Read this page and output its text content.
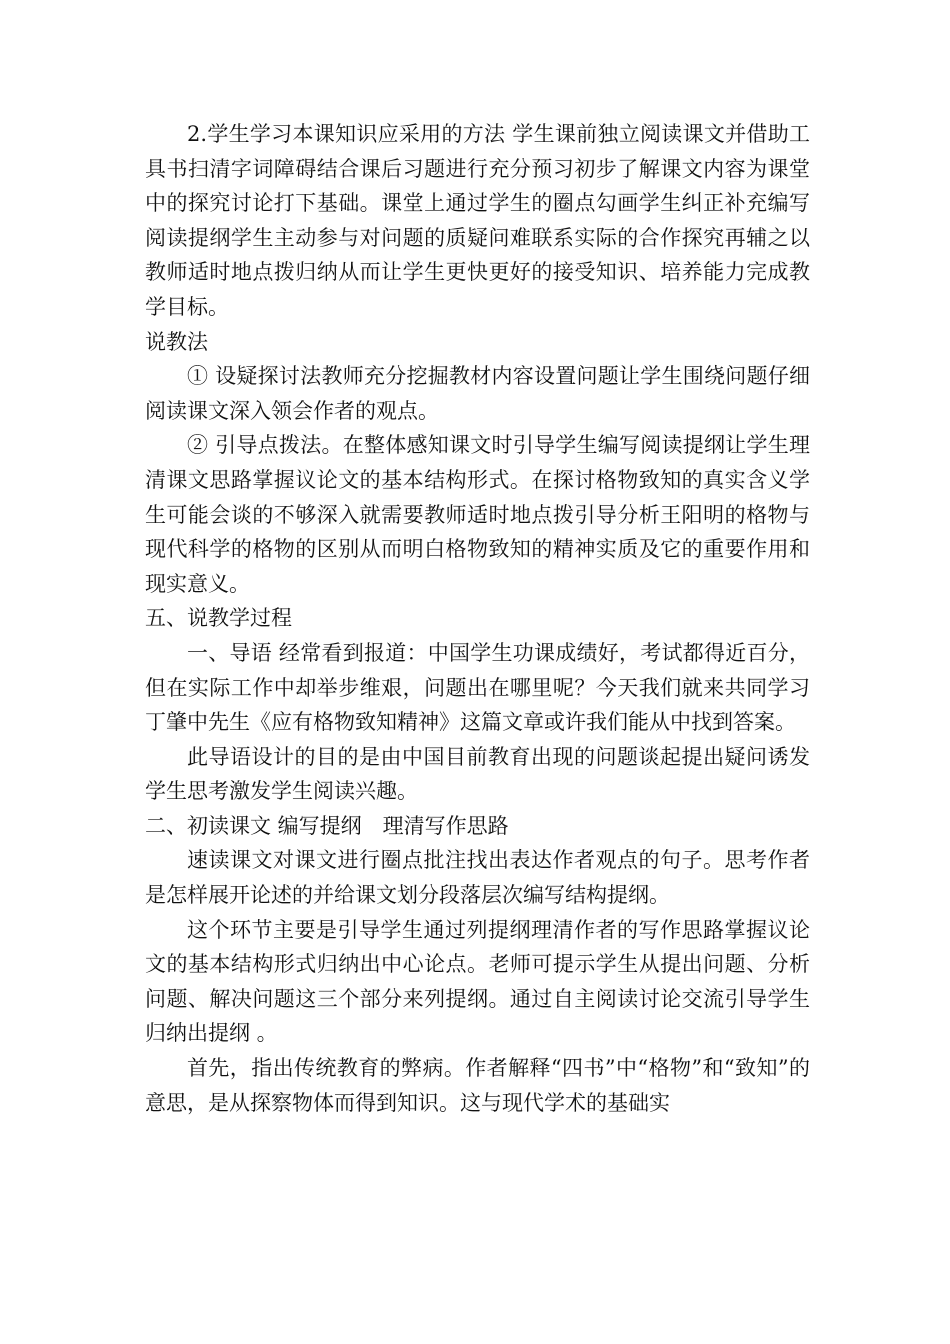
2.学生学习本课知识应采用的方法 学生课前独立阅读课文并借助工具书扫清字词障碍结合课后习题进行充分预习初步了解课文内容为课堂中的探究讨论打下基础。课堂上通过学生的圈点勾画学生纠正补充编写阅读提纲学生主动参与对问题的质疑问难联系实际的合作探究再辅之以教师适时地点拨归纳从而让学生更快更好的接受知识、培养能力完成教学目标。

说教法

① 设疑探讨法教师充分挖掘教材内容设置问题让学生围绕问题仔细阅读课文深入领会作者的观点。

② 引导点拨法。在整体感知课文时引导学生编写阅读提纲让学生理清课文思路掌握议论文的基本结构形式。在探讨格物致知的真实含义学生可能会谈的不够深入就需要教师适时地点拨引导分析王阳明的格物与现代科学的格物的区别从而明白格物致知的精神实质及它的重要作用和现实意义。

五、说教学过程

一、导语 经常看到报道：中国学生功课成绩好，考试都得近百分，但在实际工作中却举步维艰，问题出在哪里呢？今天我们就来共同学习丁肇中先生《应有格物致知精神》这篇文章或许我们能从中找到答案。

此导语设计的目的是由中国目前教育出现的问题谈起提出疑问诱发学生思考激发学生阅读兴趣。

二、初读课文 编写提纲　理清写作思路

速读课文对课文进行圈点批注找出表达作者观点的句子。思考作者是怎样展开论述的并给课文划分段落层次编写结构提纲。

这个环节主要是引导学生通过列提纲理清作者的写作思路掌握议论文的基本结构形式归纳出中心论点。老师可提示学生从提出问题、分析问题、解决问题这三个部分来列提纲。通过自主阅读讨论交流引导学生归纳出提纲 。

首先，指出传统教育的弊病。作者解释“四书”中“格物”和“致知”的意思，是从探察物体而得到知识。这与现代学术的基础实
